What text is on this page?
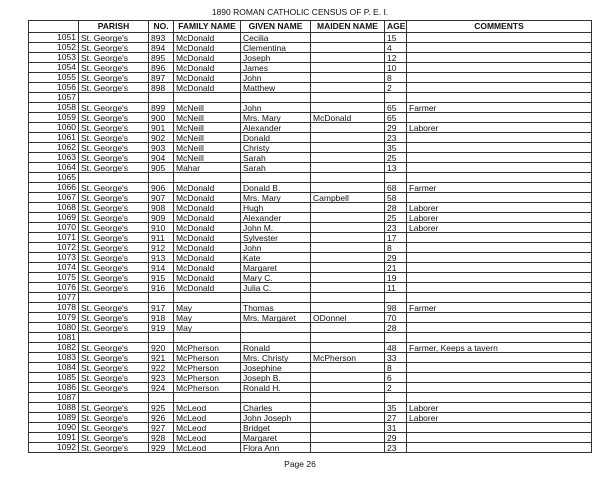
1890 ROMAN CATHOLIC CENSUS OF P. E. I.
	PARISH	NO.	FAMILY NAME	GIVEN NAME	MAIDEN NAME	AGE	COMMENTS
1051	St. George's	893	McDonald	Cecilia		15	
1052	St. George's	894	McDonald	Clementina		4	
1053	St. George's	895	McDonald	Joseph		12	
1054	St. George's	896	McDonald	James		10	
1055	St. George's	897	McDonald	John		8	
1056	St. George's	898	McDonald	Matthew		2	
1057							
1058	St. George's	899	McNeill	John		65	Farmer
1059	St. George's	900	McNeill	Mrs. Mary	McDonald	65	
1060	St. George's	901	McNeill	Alexander		29	Laborer
1061	St. George's	902	McNeill	Donald		23	
1062	St. George's	903	McNeill	Christy		35	
1063	St. George's	904	McNeill	Sarah		25	
1064	St. George's	905	Mahar	Sarah		13	
1065							
1066	St. George's	906	McDonald	Donald B.		68	Farmer
1067	St. George's	907	McDonald	Mrs. Mary	Campbell	58	
1068	St. George's	908	McDonald	Hugh		28	Laborer
1069	St. George's	909	McDonald	Alexander		25	Laborer
1070	St. George's	910	McDonald	John M.		23	Laborer
1071	St. George's	911	McDonald	Sylvester		17	
1072	St. George's	912	McDonald	John		8	
1073	St. George's	913	McDonald	Kate		29	
1074	St. George's	914	McDonald	Margaret		21	
1075	St. George's	915	McDonald	Mary C.		19	
1076	St. George's	916	McDonald	Julia C.		11	
1077							
1078	St. George's	917	May	Thomas		98	Farmer
1079	St. George's	918	May	Mrs. Margaret	ODonnel	70	
1080	St. George's	919	May			28	
1081							
1082	St. George's	920	McPherson	Ronald		48	Farmer, Keeps a tavern
1083	St. George's	921	McPherson	Mrs. Christy	McPherson	33	
1084	St. George's	922	McPherson	Josephine		8	
1085	St. George's	923	McPherson	Joseph B.		6	
1086	St. George's	924	McPherson	Ronald H.		2	
1087							
1088	St. George's	925	McLeod	Charles		35	Laborer
1089	St. George's	926	McLeod	John Joseph		27	Laborer
1090	St. George's	927	McLeod	Bridget		31	
1091	St. George's	928	McLeod	Margaret		29	
1092	St. George's	929	McLeod	Flora Ann		23	
Page 26
